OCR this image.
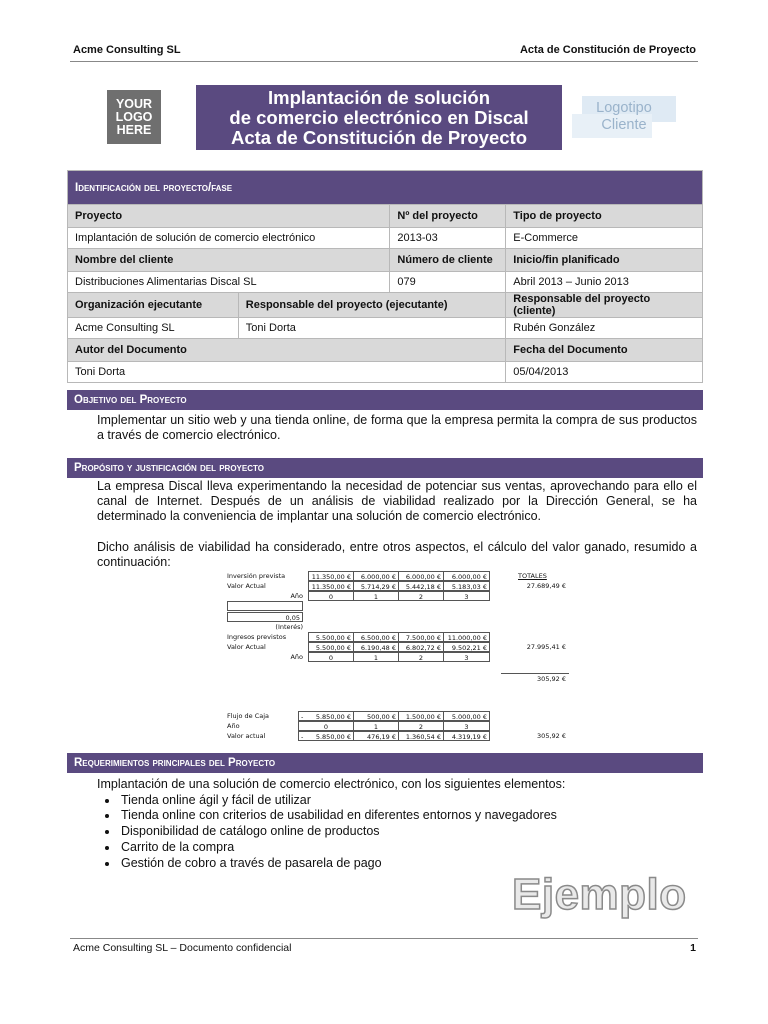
Acme Consulting SL	Acta de Constitución de Proyecto
YOUR
LOGO
HERE
Implantación de solución
de comercio electrónico en Discal
Acta de Constitución de Proyecto
Logotipo
Cliente
Identificación del proyecto/fase			
Proyecto		Nº del proyecto	Tipo de proyecto
Implantación de solución de comercio electrónico		2013-03	E-Commerce
Nombre del cliente		Número de cliente	Inicio/fin planificado
Distribuciones Alimentarias Discal SL		079	Abril 2013 – Junio 2013
Organización ejecutante	Responsable del proyecto (ejecutante)		Responsable del proyecto (cliente)
Acme Consulting SL	Toni Dorta		Rubén González
Autor del Documento			Fecha del Documento
Toni Dorta			05/04/2013
Objetivo del Proyecto
Implementar un sitio web y una tienda online, de forma que la empresa permita la compra de sus productos a través de comercio electrónico.
Propósito y justificación del proyecto
La empresa Discal lleva experimentando la necesidad de potenciar sus ventas, aprovechando para ello el canal de Internet. Después de un análisis de viabilidad realizado por la Dirección General, se ha determinado la conveniencia de implantar una solución de comercio electrónico.
Dicho análisis de viabilidad ha considerado, entre otros aspectos, el cálculo del valor ganado, resumido a continuación:
Inversión prevista	11.350,00 €	6.000,00 €	6.000,00 €	6.000,00 €	TOTALES
Valor Actual	11.350,00 €	5.714,29 €	5.442,18 €	5.183,03 €	27.689,49 €
Año	0	1	2	3
0,05
(Interés)
Ingresos previstos	5.500,00 €	6.500,00 €	7.500,00 €	11.000,00 €
Valor Actual	5.500,00 €	6.190,48 €	6.802,72 €	9.502,21 €	27.995,41 €
Año	0	1	2	3
305,92 €
Flujo de Caja	- 5.850,00 €	500,00 €	1.500,00 €	5.000,00 €
Año	0	1	2	3
Valor actual	- 5.850,00 €	476,19 €	1.360,54 €	4.319,19 €	305,92 €
Requerimientos principales del Proyecto
Implantación de una solución de comercio electrónico, con los siguientes elementos:
• Tienda online ágil y fácil de utilizar
• Tienda online con criterios de usabilidad en diferentes entornos y navegadores
• Disponibilidad de catálogo online de productos
• Carrito de la compra
• Gestión de cobro a través de pasarela de pago
Ejemplo
Acme Consulting SL – Documento confidencial	1
